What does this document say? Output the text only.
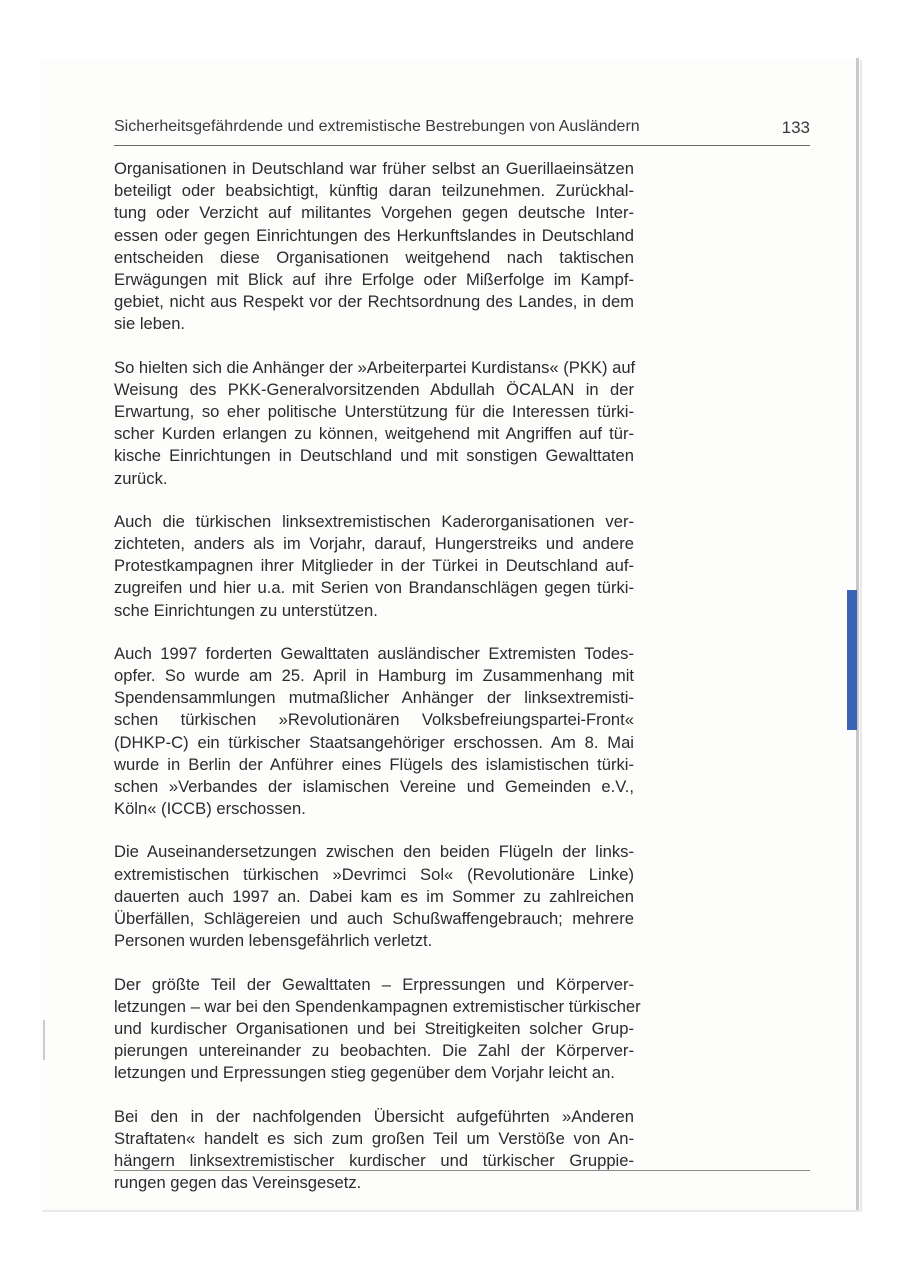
Sicherheitsgefährdende und extremistische Bestrebungen von Ausländern	133

Organisationen in Deutschland war früher selbst an Guerillaeinsätzen
beteiligt oder beabsichtigt, künftig daran teilzunehmen. Zurückhal-
tung oder Verzicht auf militantes Vorgehen gegen deutsche Inter-
essen oder gegen Einrichtungen des Herkunftslandes in Deutschland
entscheiden diese Organisationen weitgehend nach taktischen
Erwägungen mit Blick auf ihre Erfolge oder Mißerfolge im Kampf-
gebiet, nicht aus Respekt vor der Rechtsordnung des Landes, in dem
sie leben.

So hielten sich die Anhänger der »Arbeiterpartei Kurdistans« (PKK) auf
Weisung des PKK-Generalvorsitzenden Abdullah ÖCALAN in der
Erwartung, so eher politische Unterstützung für die Interessen türki-
scher Kurden erlangen zu können, weitgehend mit Angriffen auf tür-
kische Einrichtungen in Deutschland und mit sonstigen Gewalttaten
zurück.

Auch die türkischen linksextremistischen Kaderorganisationen ver-
zichteten, anders als im Vorjahr, darauf, Hungerstreiks und andere
Protestkampagnen ihrer Mitglieder in der Türkei in Deutschland auf-
zugreifen und hier u.a. mit Serien von Brandanschlägen gegen türki-
sche Einrichtungen zu unterstützen.

Auch 1997 forderten Gewalttaten ausländischer Extremisten Todes-
opfer. So wurde am 25. April in Hamburg im Zusammenhang mit
Spendensammlungen mutmaßlicher Anhänger der linksextremisti-
schen türkischen »Revolutionären Volksbefreiungspartei-Front«
(DHKP-C) ein türkischer Staatsangehöriger erschossen. Am 8. Mai
wurde in Berlin der Anführer eines Flügels des islamistischen türki-
schen »Verbandes der islamischen Vereine und Gemeinden e.V.,
Köln« (ICCB) erschossen.

Die Auseinandersetzungen zwischen den beiden Flügeln der links-
extremistischen türkischen »Devrimci Sol« (Revolutionäre Linke)
dauerten auch 1997 an. Dabei kam es im Sommer zu zahlreichen
Überfällen, Schlägereien und auch Schußwaffengebrauch; mehrere
Personen wurden lebensgefährlich verletzt.

Der größte Teil der Gewalttaten – Erpressungen und Körperver-
letzungen – war bei den Spendenkampagnen extremistischer türkischer
und kurdischer Organisationen und bei Streitigkeiten solcher Grup-
pierungen untereinander zu beobachten. Die Zahl der Körperver-
letzungen und Erpressungen stieg gegenüber dem Vorjahr leicht an.

Bei den in der nachfolgenden Übersicht aufgeführten »Anderen
Straftaten« handelt es sich zum großen Teil um Verstöße von An-
hängern linksextremistischer kurdischer und türkischer Gruppie-
rungen gegen das Vereinsgesetz.
